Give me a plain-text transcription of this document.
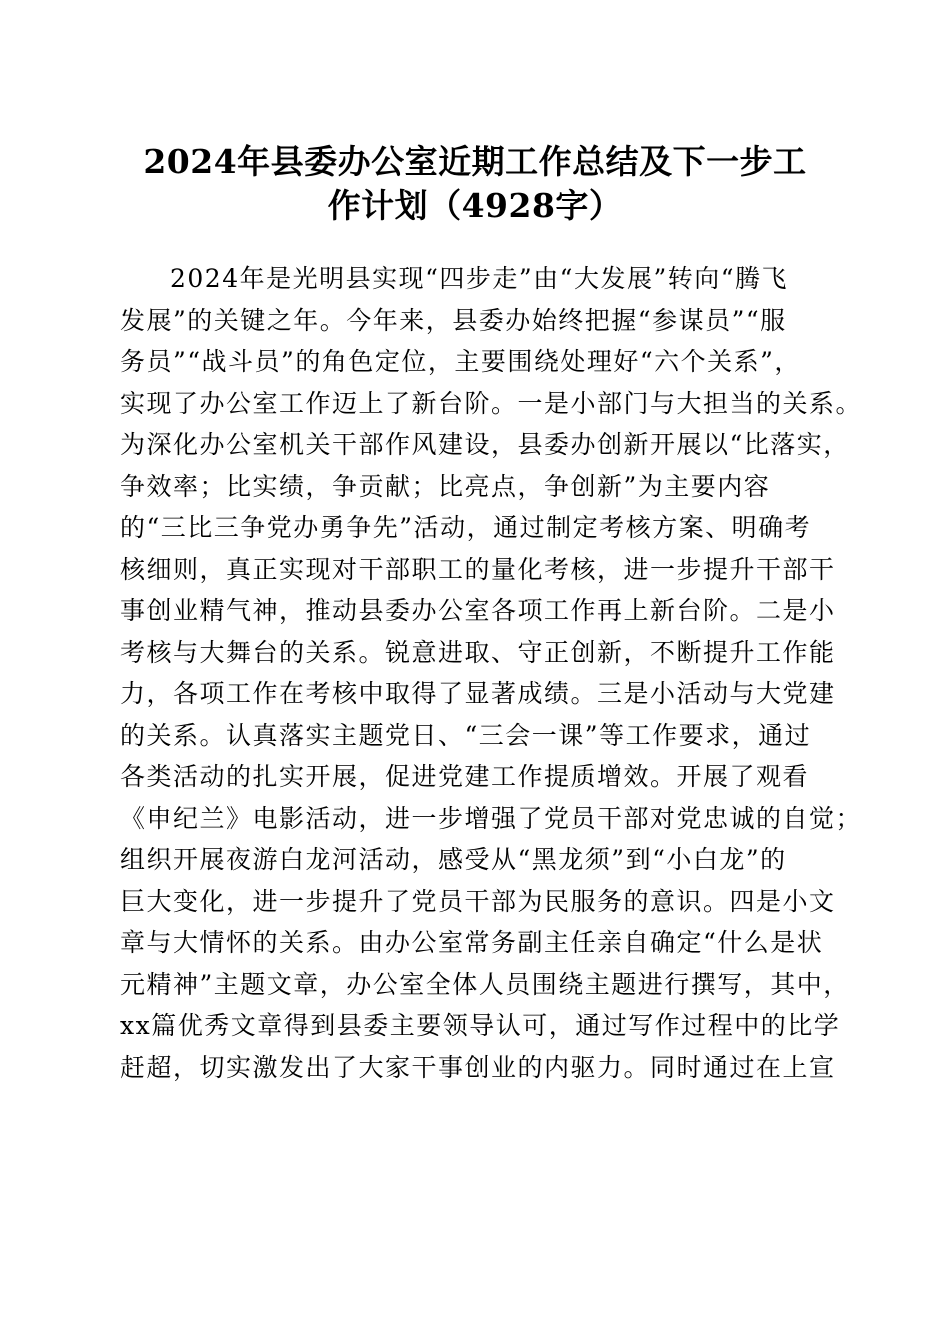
2024年县委办公室近期工作总结及下一步工
作计划（4928字）
2024年是光明县实现“四步走”由“大发展”转向“腾飞
发展”的关键之年。今年来，县委办始终把握“参谋员”“服
务员”“战斗员”的角色定位，主要围绕处理好“六个关系”，
实现了办公室工作迈上了新台阶。一是小部门与大担当的关系。
为深化办公室机关干部作风建设，县委办创新开展以“比落实，
争效率；比实绩，争贡献；比亮点，争创新”为主要内容
的“三比三争党办勇争先”活动，通过制定考核方案、明确考
核细则，真正实现对干部职工的量化考核，进一步提升干部干
事创业精气神，推动县委办公室各项工作再上新台阶。二是小
考核与大舞台的关系。锐意进取、守正创新，不断提升工作能
力，各项工作在考核中取得了显著成绩。三是小活动与大党建
的关系。认真落实主题党日、“三会一课”等工作要求，通过
各类活动的扎实开展，促进党建工作提质增效。开展了观看
《申纪兰》电影活动，进一步增强了党员干部对党忠诚的自觉；
组织开展夜游白龙河活动，感受从“黑龙须”到“小白龙”的
巨大变化，进一步提升了党员干部为民服务的意识。四是小文
章与大情怀的关系。由办公室常务副主任亲自确定“什么是状
元精神”主题文章，办公室全体人员围绕主题进行撰写，其中，
xx篇优秀文章得到县委主要领导认可，通过写作过程中的比学
赶超，切实激发出了大家干事创业的内驱力。同时通过在上宣
